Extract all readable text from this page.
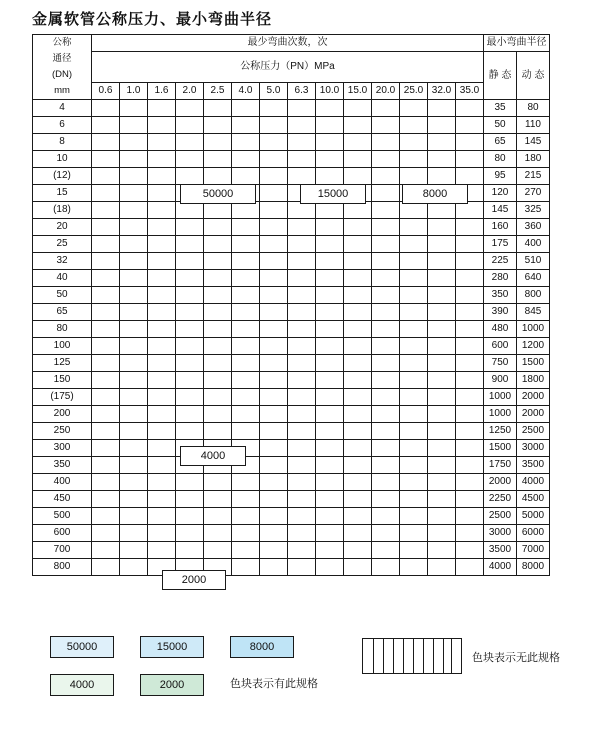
金属软管公称压力、最小弯曲半径
公称
通径
(DN)
mm	最少弯曲次数，次														最小弯曲半径	
	公称压力（PN）MPa														静 态	动 态
	0.6	1.0	1.6	2.0	2.5	4.0	5.0	6.3	10.0	15.0	20.0	25.0	32.0	35.0		
4															35	80
6															50	110
8															65	145
10															80	180
(12)															95	215
15															120	270
(18)															145	325
20															160	360
25															175	400
32															225	510
40															280	640
50															350	800
65															390	845
80															480	1000
100															600	1200
125															750	1500
150															900	1800
(175)															1000	2000
200															1000	2000
250															1250	2500
300															1500	3000
350															1750	3500
400															2000	4000
450															2250	4500
500															2500	5000
600															3000	6000
700															3500	7000
800															4000	8000
50000	15000	8000
4000
2000
50000	15000	8000
色块表示无此规格
4000	2000	色块表示有此规格
